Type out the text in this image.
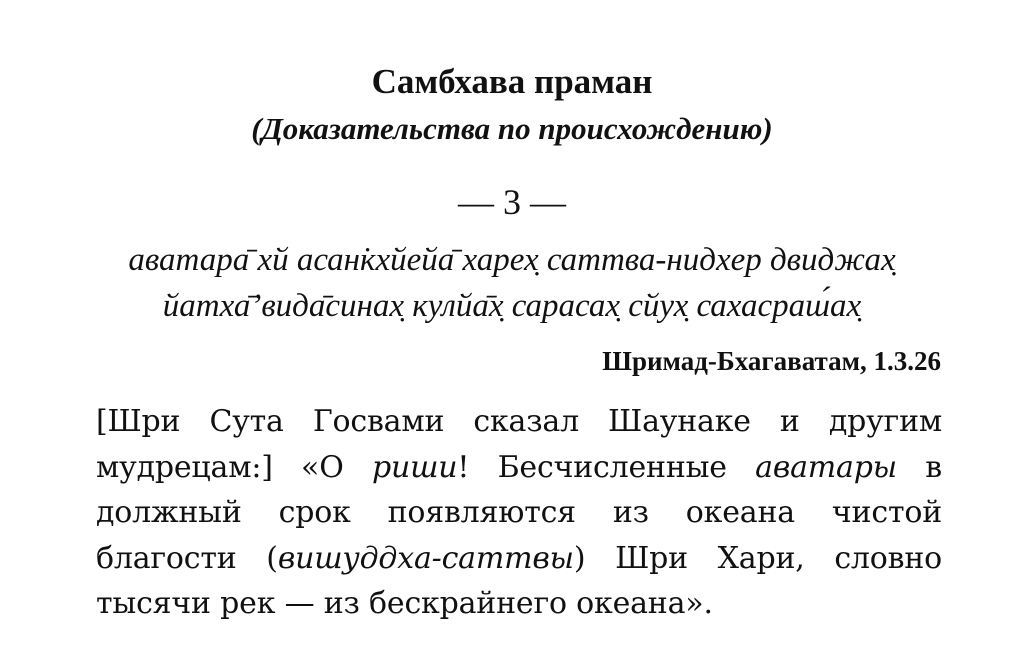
Самбхава праман
(Доказательства по происхождению)
— 3 —
аватара̄ хй асан̇кхйейа̄ харех̣ саттва-нидхер двиджах̣
йатха̄’вида̄синах̣ кулйа̄х̣ сарасах̣ сйух̣ сахасраш́ах̣
Шримад-Бхагаватам, 1.3.26

[Шри Сута Госвами сказал Шаунаке и другим мудрецам:] «О риши! Бесчисленные аватары в должный срок появляются из океана чистой благости (вишуддха-саттвы) Шри Хари, словно тысячи рек — из бескрайнего океана».
